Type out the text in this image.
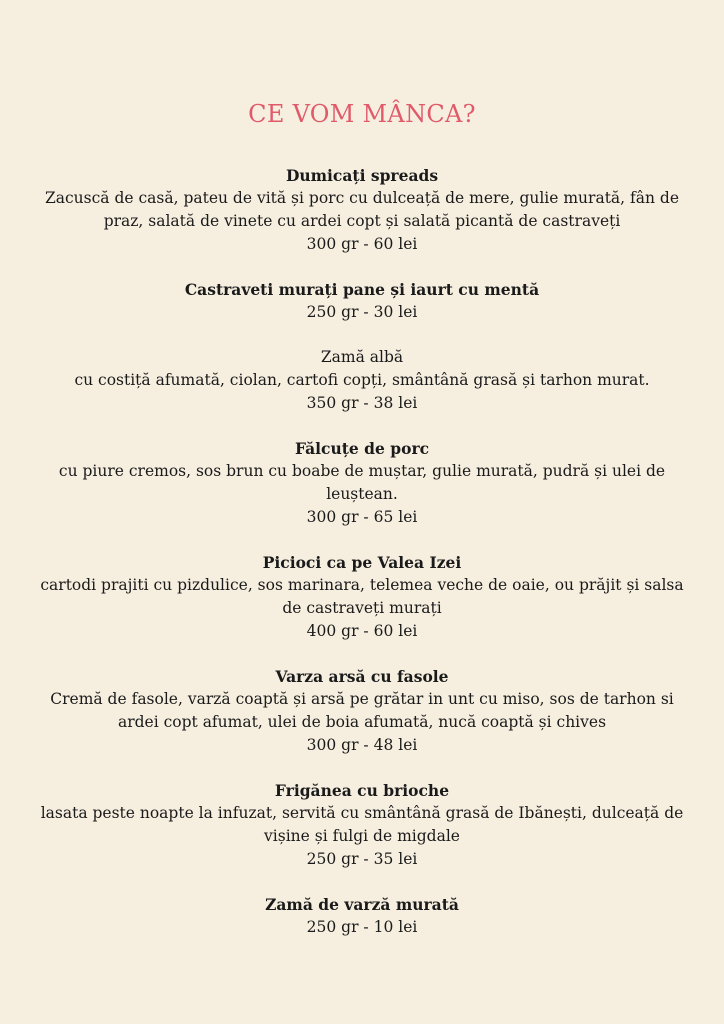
CE VOM MÂNCA?
Dumicați spreads
Zacuscă de casă, pateu de vită și porc cu dulceață de mere, gulie murată, fân de praz, salată de vinete cu ardei copt și salată picantă de castraveți
300 gr - 60 lei
Castraveti murați pane și iaurt cu mentă
250 gr - 30 lei
Zamă albă
cu costiță afumată, ciolan, cartofi copți, smântână grasă și tarhon murat.
350 gr - 38 lei
Fălcuțe de porc
cu piure cremos, sos brun cu boabe de muștar, gulie murată, pudră și ulei de leuștean.
300 gr - 65 lei
Picioci ca pe Valea Izei
cartodi prajiti cu pizdulice, sos marinara, telemea veche de oaie, ou prăjit și salsa de castraveți murați
400 gr - 60 lei
Varza arsă cu fasole
Cremă de fasole, varză coaptă și arsă pe grătar in unt cu miso, sos de tarhon si ardei copt afumat, ulei de boia afumată, nucă coaptă și chives
300 gr - 48 lei
Frigănea cu brioche
lasata peste noapte la infuzat, servită cu smântână grasă de Ibănești, dulceață de vișine și fulgi de migdale
250 gr - 35 lei
Zamă de varză murată
250 gr - 10 lei
